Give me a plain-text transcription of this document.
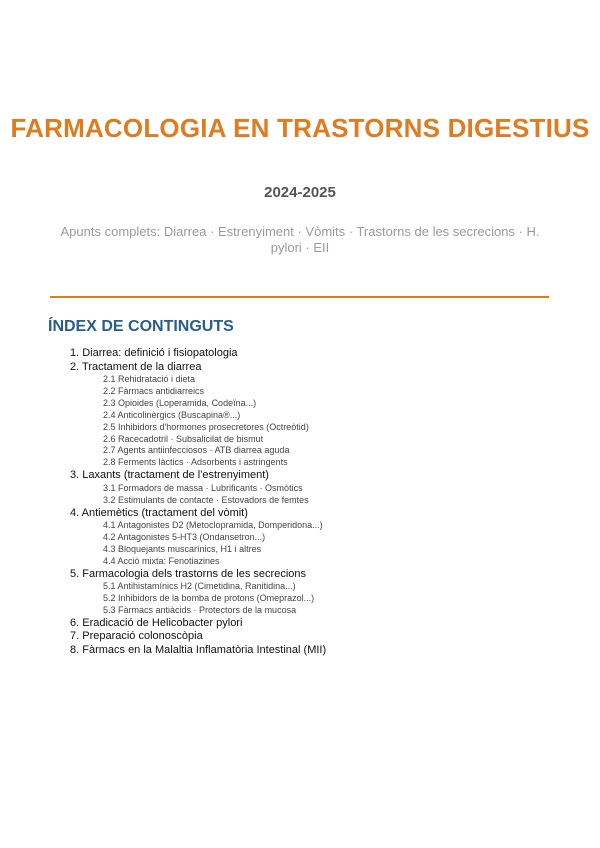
FARMACOLOGIA EN TRASTORNS DIGESTIUS
2024-2025
Apunts complets: Diarrea · Estrenyiment · Vòmits · Trastorns de les secrecions · H. pylori · EII
ÍNDEX DE CONTINGUTS
1. Diarrea: definició i fisiopatologia
2. Tractament de la diarrea
2.1 Rehidratació i dieta
2.2 Fàrmacs antidiarreics
2.3 Opioides (Loperamida, Codeïna...)
2.4 Anticolinèrgics (Buscapina®...)
2.5 Inhibidors d'hormones prosecretores (Octreòtid)
2.6 Racecadotril · Subsalicilat de bismut
2.7 Agents antiinfecciosos · ATB diarrea aguda
2.8 Ferments làctics · Adsorbents i astringents
3. Laxants (tractament de l'estrenyiment)
3.1 Formadors de massa · Lubrificants · Osmòtics
3.2 Estimulants de contacte · Estovadors de femtes
4. Antiemètics (tractament del vòmit)
4.1 Antagonistes D2 (Metoclopramida, Domperidona...)
4.2 Antagonistes 5-HT3 (Ondansetron...)
4.3 Bloquejants muscarínics, H1 i altres
4.4 Acció mixta: Fenotiazines
5. Farmacologia dels trastorns de les secrecions
5.1 Antihistamínics H2 (Cimetidina, Ranitidina...)
5.2 Inhibidors de la bomba de protons (Omeprazol...)
5.3 Fàrmacs antiàcids · Protectors de la mucosa
6. Eradicació de Helicobacter pylori
7. Preparació colonoscòpia
8. Fàrmacs en la Malaltia Inflamatòria Intestinal (MII)
